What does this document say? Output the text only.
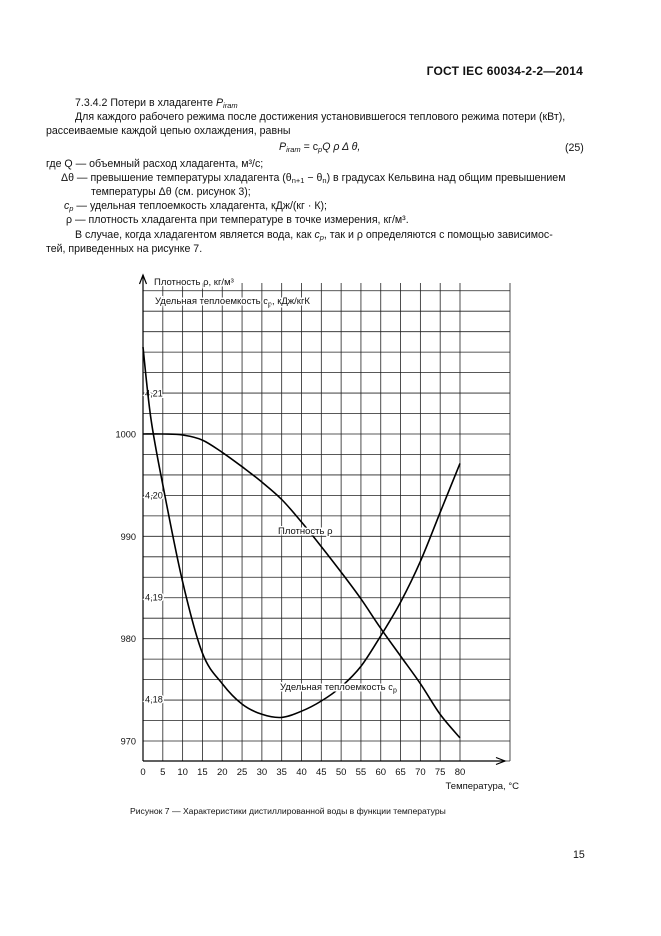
ГОСТ IEC 60034-2-2—2014
7.3.4.2 Потери в хладагенте $P_{iraт}$
Для каждого рабочего режима после достижения установившегося теплового режима потери (кВт),
рассеиваемые каждой цепью охлаждения, равны
$P_{iraт} = c_pQ$ ρ Δ θ,	(25)
где Q — объемный расход хладагента, м³/с;
Δθ — превышение температуры хладагента $(\theta_{n+1} - \theta_n)$ в градусах Кельвина над общим превышением
температуры Δθ (см. рисунок 3);
$c_p$ — удельная теплоемкость хладагента, кДж/(кг · К);
ρ — плотность хладагента при температуре в точке измерения, кг/м³.
В случае, когда хладагентом является вода, как $c_p$, так и ρ определяются с помощью зависимос-
тей, приведенных на рисунке 7.
0 5 10 15 20 25 30 35 40 45 50 55 60 65 70 75 80
1000
990
980
970
4,21
4,20
4,19
4,18
Плотность ρ
Удельная теплоемкость $c_р$
Плотность ρ, кг/м³
Удельная теплоемкость $c_р$, кДж/кгК
Температура, °C
Рисунок 7 — Характеристики дистиллированной воды в функции температуры
15
